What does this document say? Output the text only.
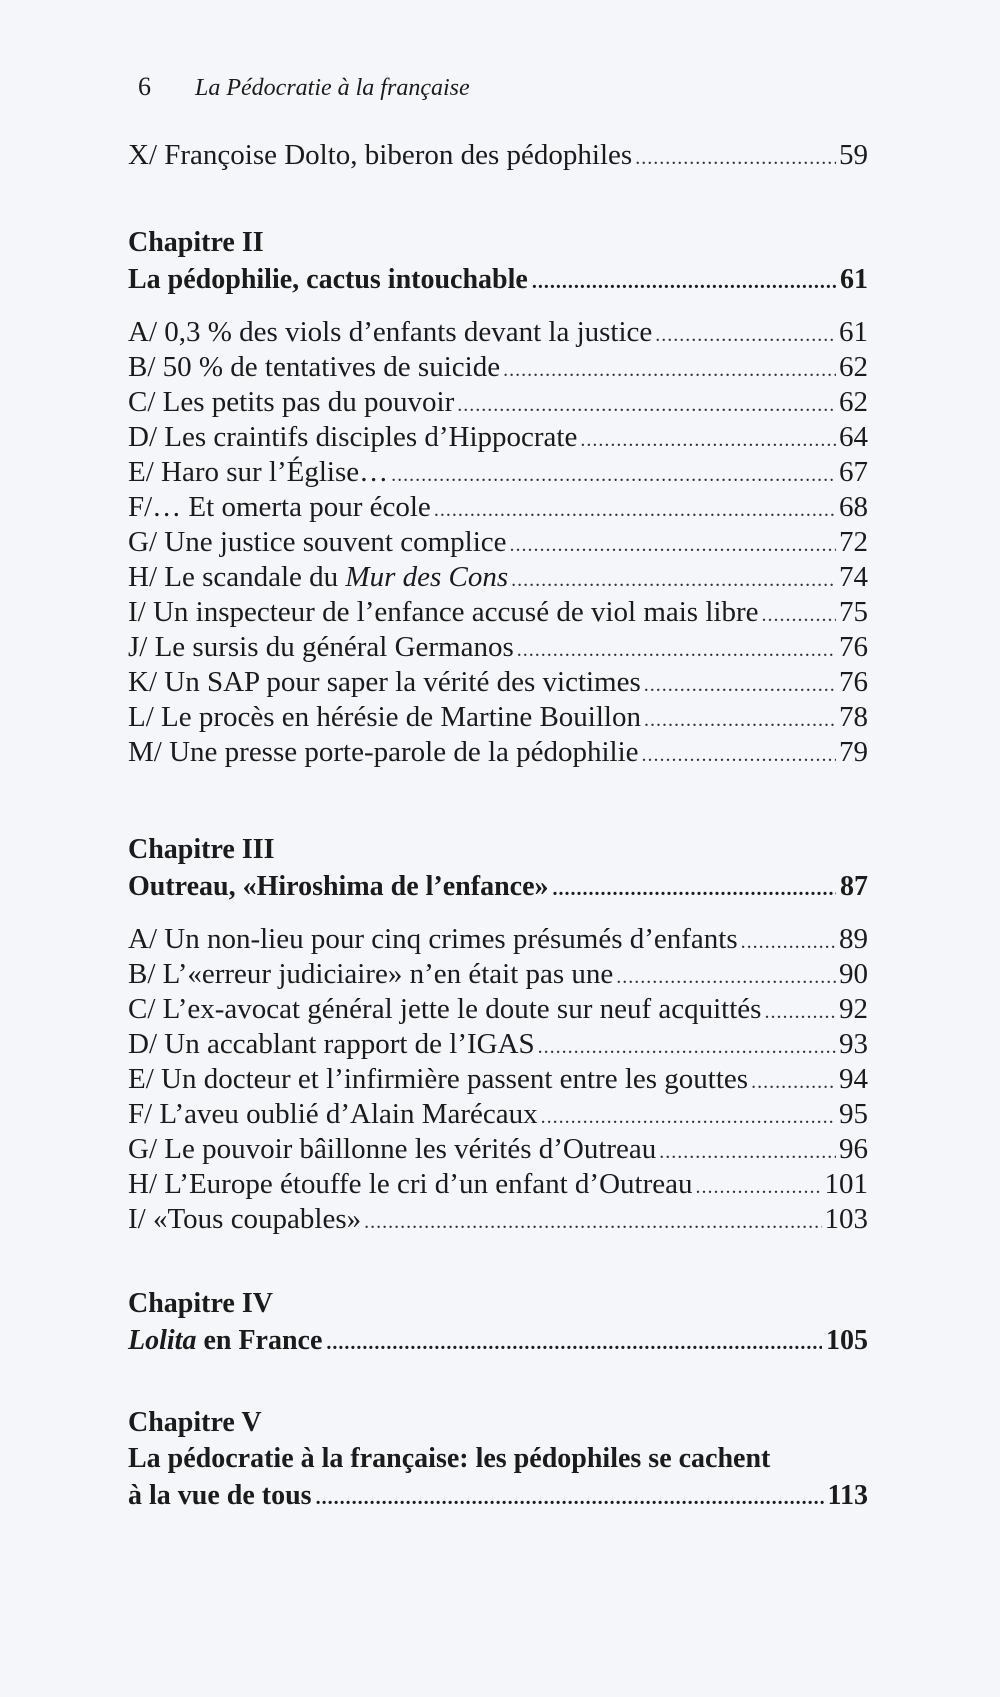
6 La Pédocratie à la française
X/ Françoise Dolto, biberon des pédophiles .....	59
Chapitre II
La pédophilie, cactus intouchable .....	61
A/ 0,3 % des viols d’enfants devant la justice .....	61
B/ 50 % de tentatives de suicide .....	62
C/ Les petits pas du pouvoir .....	62
D/ Les craintifs disciples d’Hippocrate .....	64
E/ Haro sur l’Église… .....	67
F/… Et omerta pour école .....	68
G/ Une justice souvent complice .....	72
H/ Le scandale du Mur des Cons .....	74
I/ Un inspecteur de l’enfance accusé de viol mais libre .....	75
J/ Le sursis du général Germanos .....	76
K/ Un SAP pour saper la vérité des victimes .....	76
L/ Le procès en hérésie de Martine Bouillon .....	78
M/ Une presse porte-parole de la pédophilie .....	79
Chapitre III
Outreau, «Hiroshima de l’enfance» .....	87
A/ Un non-lieu pour cinq crimes présumés d’enfants .....	89
B/ L’«erreur judiciaire» n’en était pas une .....	90
C/ L’ex-avocat général jette le doute sur neuf acquittés .....	92
D/ Un accablant rapport de l’IGAS .....	93
E/ Un docteur et l’infirmière passent entre les gouttes .....	94
F/ L’aveu oublié d’Alain Marécaux .....	95
G/ Le pouvoir bâillonne les vérités d’Outreau .....	96
H/ L’Europe étouffe le cri d’un enfant d’Outreau .....	101
I/ «Tous coupables» .....	103
Chapitre IV
Lolita en France .....	105
Chapitre V
La pédocratie à la française: les pédophiles se cachent
à la vue de tous .....	113
